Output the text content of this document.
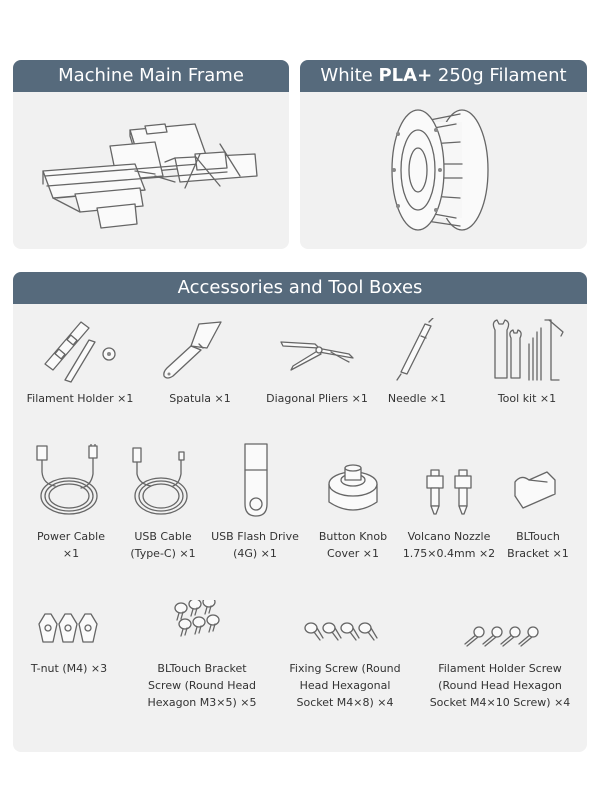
Machine Main Frame	White PLA+ 250g Filament
Accessories and Tool Boxes
Filament Holder ×1	Spatula ×1	Diagonal Pliers ×1	Needle ×1	Tool kit ×1
Power Cable
×1
USB Cable
(Type-C) ×1
USB Flash Drive
(4G) ×1
Button Knob
Cover ×1
Volcano Nozzle
1.75×0.4mm ×2
BLTouch
Bracket ×1
T-nut (M4) ×3	BLTouch Bracket
Screw (Round Head
Hexagon M3×5) ×5
Fixing Screw (Round
Head Hexagonal
Socket M4×8) ×4
Filament Holder Screw
(Round Head Hexagon
Socket M4×10 Screw) ×4
